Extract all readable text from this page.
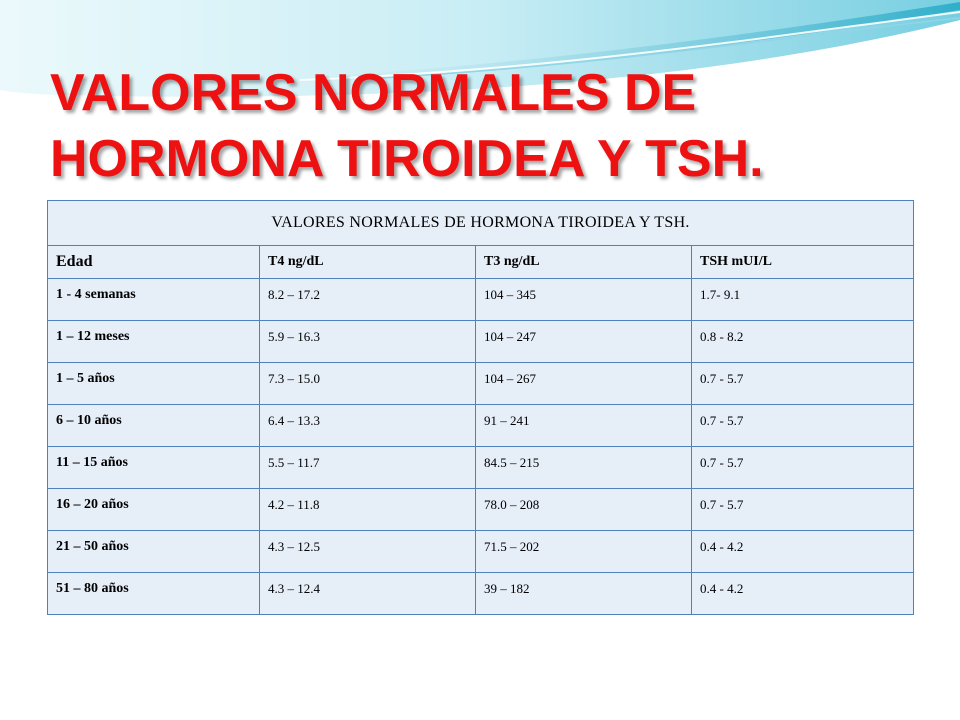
VALORES NORMALES DE
HORMONA TIROIDEA Y TSH.
VALORES NORMALES DE HORMONA TIROIDEA Y TSH.			
Edad	T4 ng/dL	T3 ng/dL	TSH mUI/L
1 - 4 semanas	8.2 – 17.2	104 – 345	1.7- 9.1
1 – 12 meses	5.9 – 16.3	104 – 247	0.8 - 8.2
1 – 5 años	7.3 – 15.0	104 – 267	0.7 - 5.7
6 – 10 años	6.4 – 13.3	91 – 241	0.7 - 5.7
11 – 15 años	5.5 – 11.7	84.5 – 215	0.7 - 5.7
16 – 20 años	4.2 – 11.8	78.0 – 208	0.7 - 5.7
21 – 50 años	4.3 – 12.5	71.5 – 202	0.4 - 4.2
51 – 80 años	4.3 – 12.4	39 – 182	0.4 - 4.2
